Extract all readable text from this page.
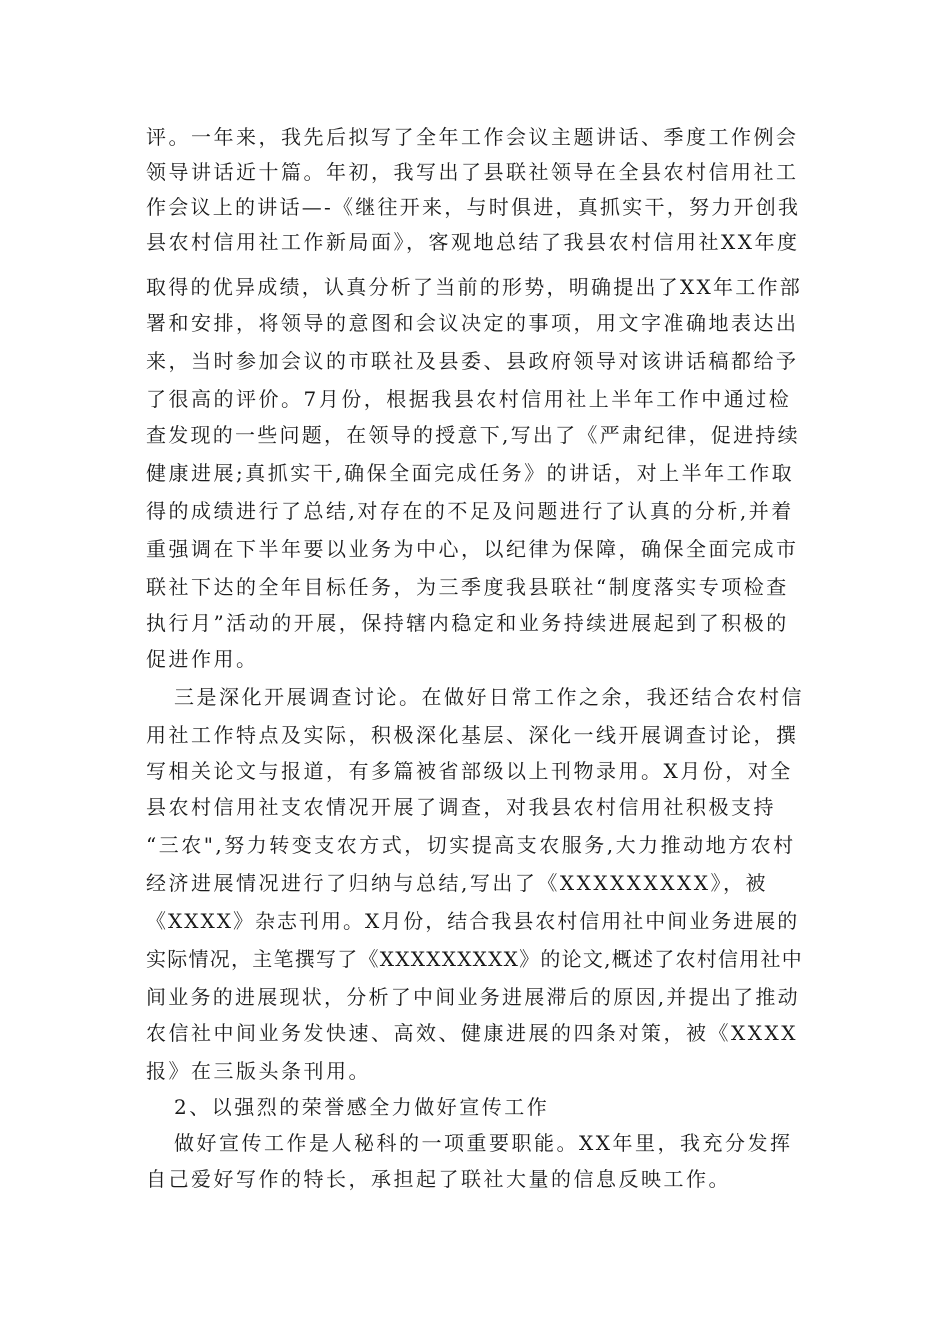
评。一年来，我先后拟写了全年工作会议主题讲话、季度工作例会

领导讲话近十篇。年初，我写出了县联社领导在全县农村信用社工

作会议上的讲话—-《继往开来，与时俱进，真抓实干，努力开创我

县农村信用社工作新局面》，客观地总结了我县农村信用社XX年度

取得的优异成绩，认真分析了当前的形势，明确提出了XX年工作部

署和安排，将领导的意图和会议决定的事项，用文字准确地表达出

来，当时参加会议的市联社及县委、县政府领导对该讲话稿都给予

了很高的评价。7月份，根据我县农村信用社上半年工作中通过检

查发现的一些问题，在领导的授意下,写出了《严肃纪律，促进持续

健康进展;真抓实干,确保全面完成任务》的讲话，对上半年工作取

得的成绩进行了总结,对存在的不足及问题进行了认真的分析,并着

重强调在下半年要以业务为中心，以纪律为保障，确保全面完成市

联社下达的全年目标任务，为三季度我县联社“制度落实专项检查

执行月”活动的开展，保持辖内稳定和业务持续进展起到了积极的

促进作用。

三是深化开展调查讨论。在做好日常工作之余，我还结合农村信

用社工作特点及实际，积极深化基层、深化一线开展调查讨论，撰

写相关论文与报道，有多篇被省部级以上刊物录用。X月份，对全

县农村信用社支农情况开展了调查，对我县农村信用社积极支持

“三农",努力转变支农方式，切实提高支农服务,大力推动地方农村

经济进展情况进行了归纳与总结,写出了《XXXXXXXXX》，被

《XXXX》杂志刊用。X月份，结合我县农村信用社中间业务进展的

实际情况，主笔撰写了《XXXXXXXXX》的论文,概述了农村信用社中

间业务的进展现状，分析了中间业务进展滞后的原因,并提出了推动

农信社中间业务发快速、高效、健康进展的四条对策，被《XXXX

报》在三版头条刊用。

2、以强烈的荣誉感全力做好宣传工作

做好宣传工作是人秘科的一项重要职能。XX年里，我充分发挥

自己爱好写作的特长，承担起了联社大量的信息反映工作。
